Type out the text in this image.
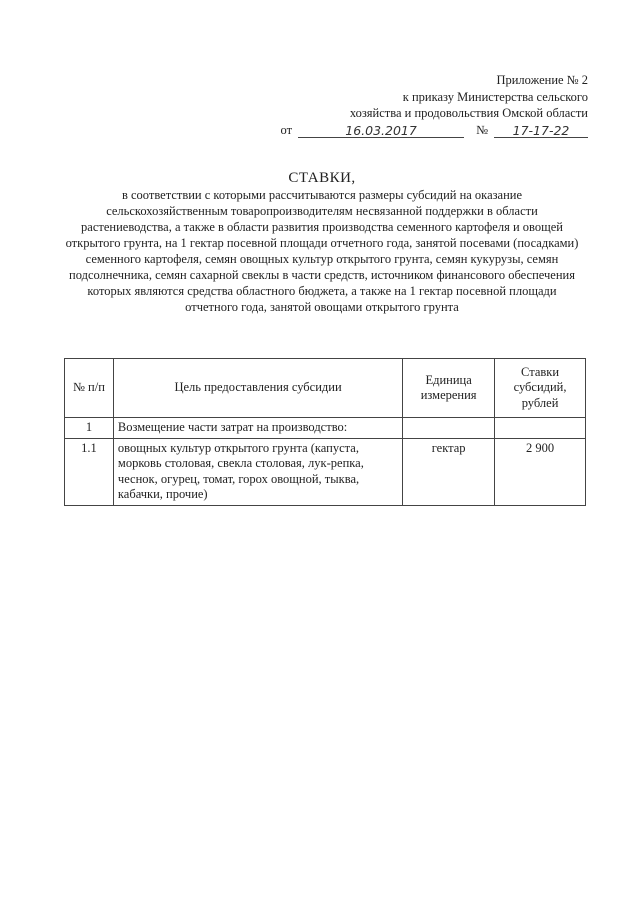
Приложение № 2
к приказу Министерства сельского
хозяйства и продовольствия Омской области
от	16.03.2017	№	17-17-22
СТАВКИ,
в соответствии с которыми рассчитываются размеры субсидий на оказание сельскохозяйственным товаропроизводителям несвязанной поддержки в области растениеводства, а также в области развития производства семенного картофеля и овощей открытого грунта, на 1 гектар посевной площади отчетного года, занятой посевами (посадками) семенного картофеля, семян овощных культур открытого грунта, семян кукурузы, семян подсолнечника, семян сахарной свеклы в части средств, источником финансового обеспечения которых являются средства областного бюджета, а также на 1 гектар посевной площади отчетного года, занятой овощами открытого грунта
№ п/п	Цель предоставления субсидии	Единица измерения	Ставки субсидий, рублей
1	Возмещение части затрат на производство:		
1.1	овощных культур открытого грунта (капуста, морковь столовая, свекла столовая, лук-репка, чеснок, огурец, томат, горох овощной, тыква, кабачки, прочие)	гектар	2 900
